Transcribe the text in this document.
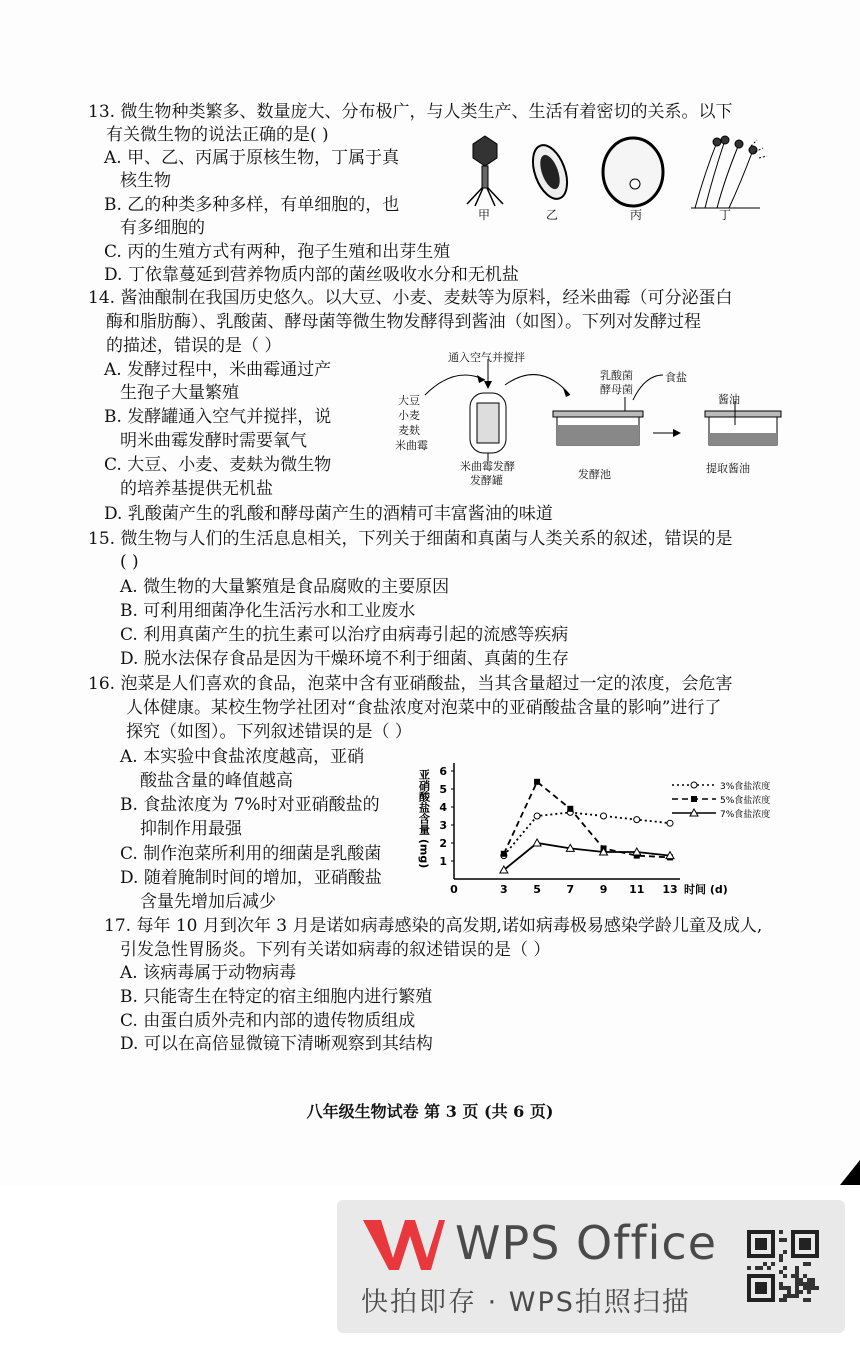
13. 微生物种类繁多、数量庞大、分布极广，与人类生产、生活有着密切的关系。以下
有关微生物的说法正确的是( )
A. 甲、乙、丙属于原核生物，丁属于真
核生物
B. 乙的种类多种多样，有单细胞的，也
有多细胞的
C. 丙的生殖方式有两种，孢子生殖和出芽生殖
D. 丁依靠蔓延到营养物质内部的菌丝吸收水分和无机盐
甲	乙	丙	丁
14. 酱油酿制在我国历史悠久。以大豆、小麦、麦麸等为原料，经米曲霉（可分泌蛋白
酶和脂肪酶）、乳酸菌、酵母菌等微生物发酵得到酱油（如图）。下列对发酵过程
的描述，错误的是（ ）
A. 发酵过程中，米曲霉通过产
生孢子大量繁殖
B. 发酵罐通入空气并搅拌，说
明米曲霉发酵时需要氧气
C. 大豆、小麦、麦麸为微生物
的培养基提供无机盐
D. 乳酸菌产生的乳酸和酵母菌产生的酒精可丰富酱油的味道
通入空气并搅拌
乳酸菌
酵母菌
食盐
大豆
小麦
麦麸
米曲霉
米曲霉发酵
发酵罐	发酵池
酱油
提取酱油
15. 微生物与人们的生活息息相关，下列关于细菌和真菌与人类关系的叙述，错误的是
( )
A. 微生物的大量繁殖是食品腐败的主要原因
B. 可利用细菌净化生活污水和工业废水
C. 利用真菌产生的抗生素可以治疗由病毒引起的流感等疾病
D. 脱水法保存食品是因为干燥环境不利于细菌、真菌的生存
16. 泡菜是人们喜欢的食品，泡菜中含有亚硝酸盐，当其含量超过一定的浓度，会危害
人体健康。某校生物学社团对“食盐浓度对泡菜中的亚硝酸盐含量的影响”进行了
探究（如图）。下列叙述错误的是（ ）
A. 本实验中食盐浓度越高，亚硝
酸盐含量的峰值越高
B. 食盐浓度为 7%时对亚硝酸盐的
抑制作用最强
C. 制作泡菜所利用的细菌是乳酸菌
D. 随着腌制时间的增加，亚硝酸盐
含量先增加后减少
0	3 5 7 9 11 13
1
2
3
4
5
6
时间 (d)
亚硝酸盐含量 (mg)	3%食盐浓度
5%食盐浓度
7%食盐浓度
17. 每年 10 月到次年 3 月是诺如病毒感染的高发期,诺如病毒极易感染学龄儿童及成人,
引发急性胃肠炎。下列有关诺如病毒的叙述错误的是（ ）
A. 该病毒属于动物病毒
B. 只能寄生在特定的宿主细胞内进行繁殖
C. 由蛋白质外壳和内部的遗传物质组成
D. 可以在高倍显微镜下清晰观察到其结构
八年级生物试卷 第 3 页 (共 6 页)
WPS Office
快拍即存 · WPS拍照扫描
